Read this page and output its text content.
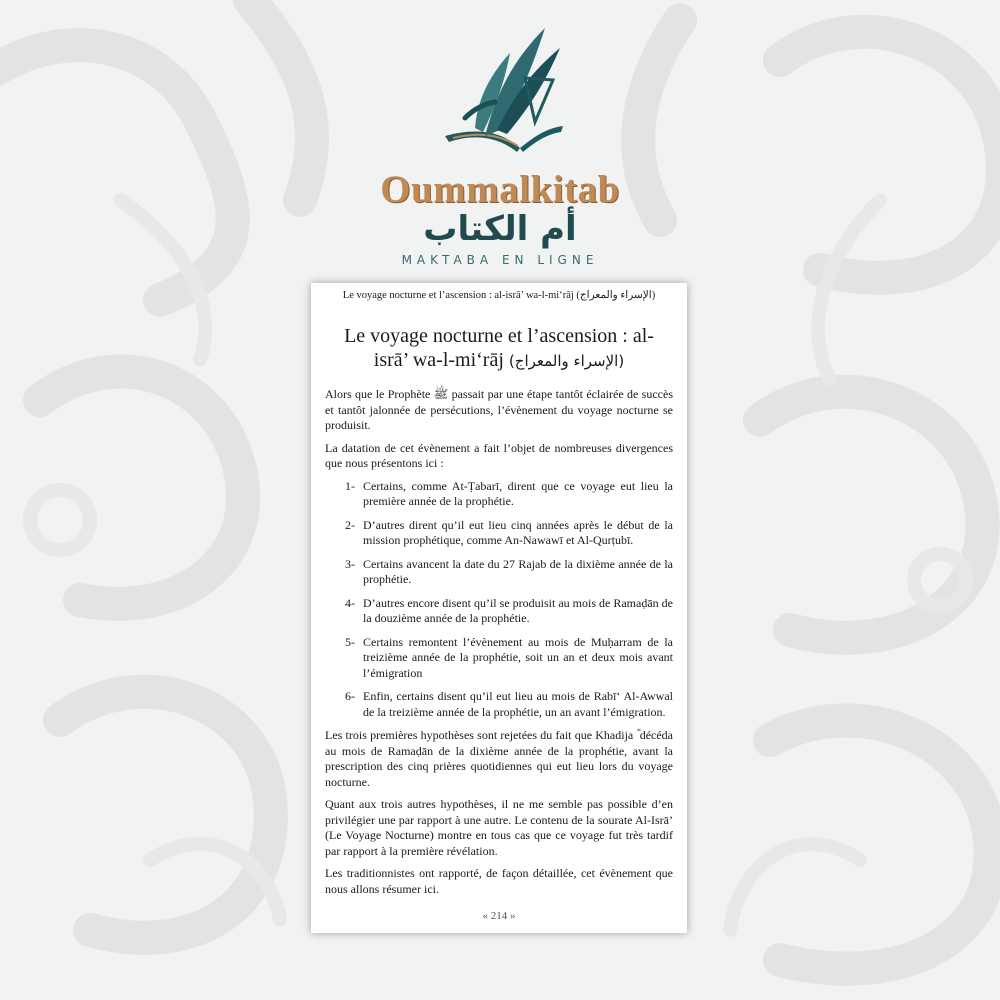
Oummalkitab
أم الكتاب
MAKTABA EN LIGNE
Le voyage nocturne et l’ascension : al-isrā’ wa-l-mi‘rāj (الإسراء والمعراج)
Le voyage nocturne et l’ascension : al-
isrā’ wa-l-mi‘rāj (الإسراء والمعراج)

Alors que le Prophète ﷺ passait par une étape tantôt éclairée de succès et tantôt jalonnée de persécutions, l’évènement du voyage nocturne se produisit.

La datation de cet évènement a fait l’objet de nombreuses divergences que nous présentons ici :

1- Certains, comme At-Ṭabarī, dirent que ce voyage eut lieu la première année de la prophétie.
2- D’autres dirent qu’il eut lieu cinq années après le début de la mission prophétique, comme An-Nawawī et Al-Qurṭubī.
3- Certains avancent la date du 27 Rajab de la dixième année de la prophétie.
4- D’autres encore disent qu’il se produisit au mois de Ramaḍān de la douzième année de la prophétie.
5- Certains remontent l’évènement au mois de Muḥarram de la treizième année de la prophétie, soit un an et deux mois avant l’émigration
6- Enfin, certains disent qu’il eut lieu au mois de Rabī‘ Al-Awwal de la treizième année de la prophétie, un an avant l’émigration.

Les trois premières hypothèses sont rejetées du fait que Khadija ؓ décéda au mois de Ramaḍān de la dixième année de la prophétie, avant la prescription des cinq prières quotidiennes qui eut lieu lors du voyage nocturne.

Quant aux trois autres hypothèses, il ne me semble pas possible d’en privilégier une par rapport à une autre. Le contenu de la sourate Al-Isrā’ (Le Voyage Nocturne) montre en tous cas que ce voyage fut très tardif par rapport à la première révélation.

Les traditionnistes ont rapporté, de façon détaillée, cet évènement que nous allons résumer ici.

« 214 »
